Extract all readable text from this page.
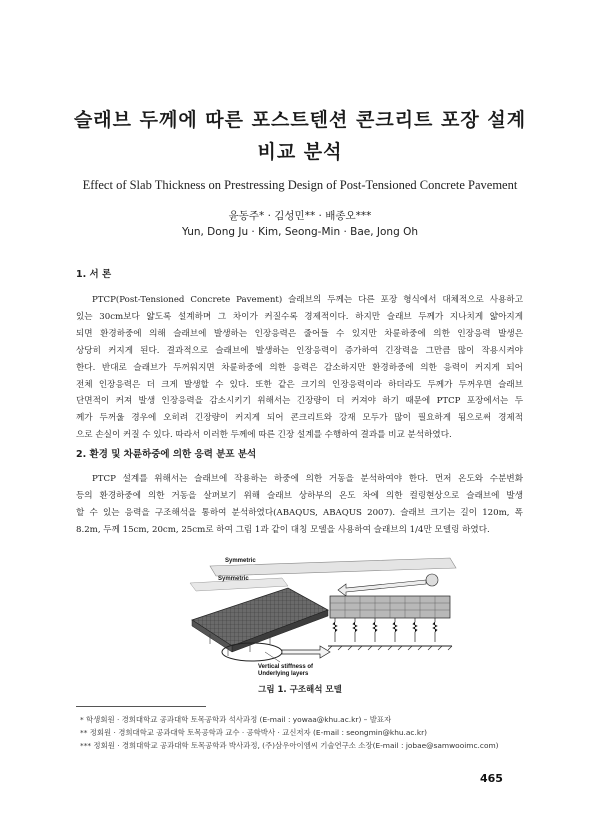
슬래브 두께에 따른 포스트텐션 콘크리트 포장 설계
비교 분석
Effect of Slab Thickness on Prestressing Design of Post-Tensioned Concrete Pavement
윤동주* · 김성민** · 배종오***
Yun, Dong Ju · Kim, Seong-Min · Bae, Jong Oh
1. 서 론
PTCP(Post-Tensioned Concrete Pavement) 슬래브의 두께는 다른 포장 형식에서 대체적으로 사용하고
있는 30cm보다 얇도록 설계하며 그 차이가 커질수록 경제적이다. 하지만 슬래브 두께가 지나치게 얇아지게
되면 환경하중에 의해 슬래브에 발생하는 인장응력은 줄어들 수 있지만 차륜하중에 의한 인장응력 발생은
상당히 커지게 된다. 결과적으로 슬래브에 발생하는 인장응력이 증가하여 긴장력을 그만큼 많이 작용시켜야
한다. 반대로 슬래브가 두꺼워지면 차륜하중에 의한 응력은 감소하지만 환경하중에 의한 응력이 커지게 되어
전체 인장응력은 더 크게 발생할 수 있다. 또한 같은 크기의 인장응력이라 하더라도 두께가 두꺼우면 슬래브
단면적이 커져 발생 인장응력을 감소시키기 위해서는 긴장량이 더 커져야 하기 때문에 PTCP 포장에서는 두
께가 두꺼울 경우에 오히려 긴장량이 커지게 되어 콘크리트와 강재 모두가 많이 필요하게 됨으로써 경제적
으로 손실이 커질 수 있다. 따라서 이러한 두께에 따른 긴장 설계를 수행하여 결과를 비교 분석하였다.
2. 환경 및 차륜하중에 의한 응력 분포 분석
PTCP 설계를 위해서는 슬래브에 작용하는 하중에 의한 거동을 분석하여야 한다. 먼저 온도와 수분변화
등의 환경하중에 의한 거동을 살펴보기 위해 슬래브 상하부의 온도 차에 의한 컬링현상으로 슬래브에 발생
할 수 있는 응력을 구조해석을 통하여 분석하였다(ABAQUS, ABAQUS 2007). 슬래브 크기는 길이 120m, 폭
8.2m, 두께 15cm, 20cm, 25cm로 하여 그림 1과 같이 대칭 모델을 사용하여 슬래브의 1/4만 모델링 하였다.
Symmetric
Symmetric
Vertical stiffness of
Underlying layers
그림 1. 구조해석 모델
* 학생회원 · 경희대학교 공과대학 토목공학과 석사과정 (E-mail : yowaa@khu.ac.kr) – 발표자
** 정회원 · 경희대학교 공과대학 토목공학과 교수 · 공학박사 · 교신저자 (E-mail : seongmin@khu.ac.kr)
*** 정회원 · 경희대학교 공과대학 토목공학과 박사과정, (주)삼우아이엠씨 기술연구소 소장(E-mail : jobae@samwooimc.com)
465
